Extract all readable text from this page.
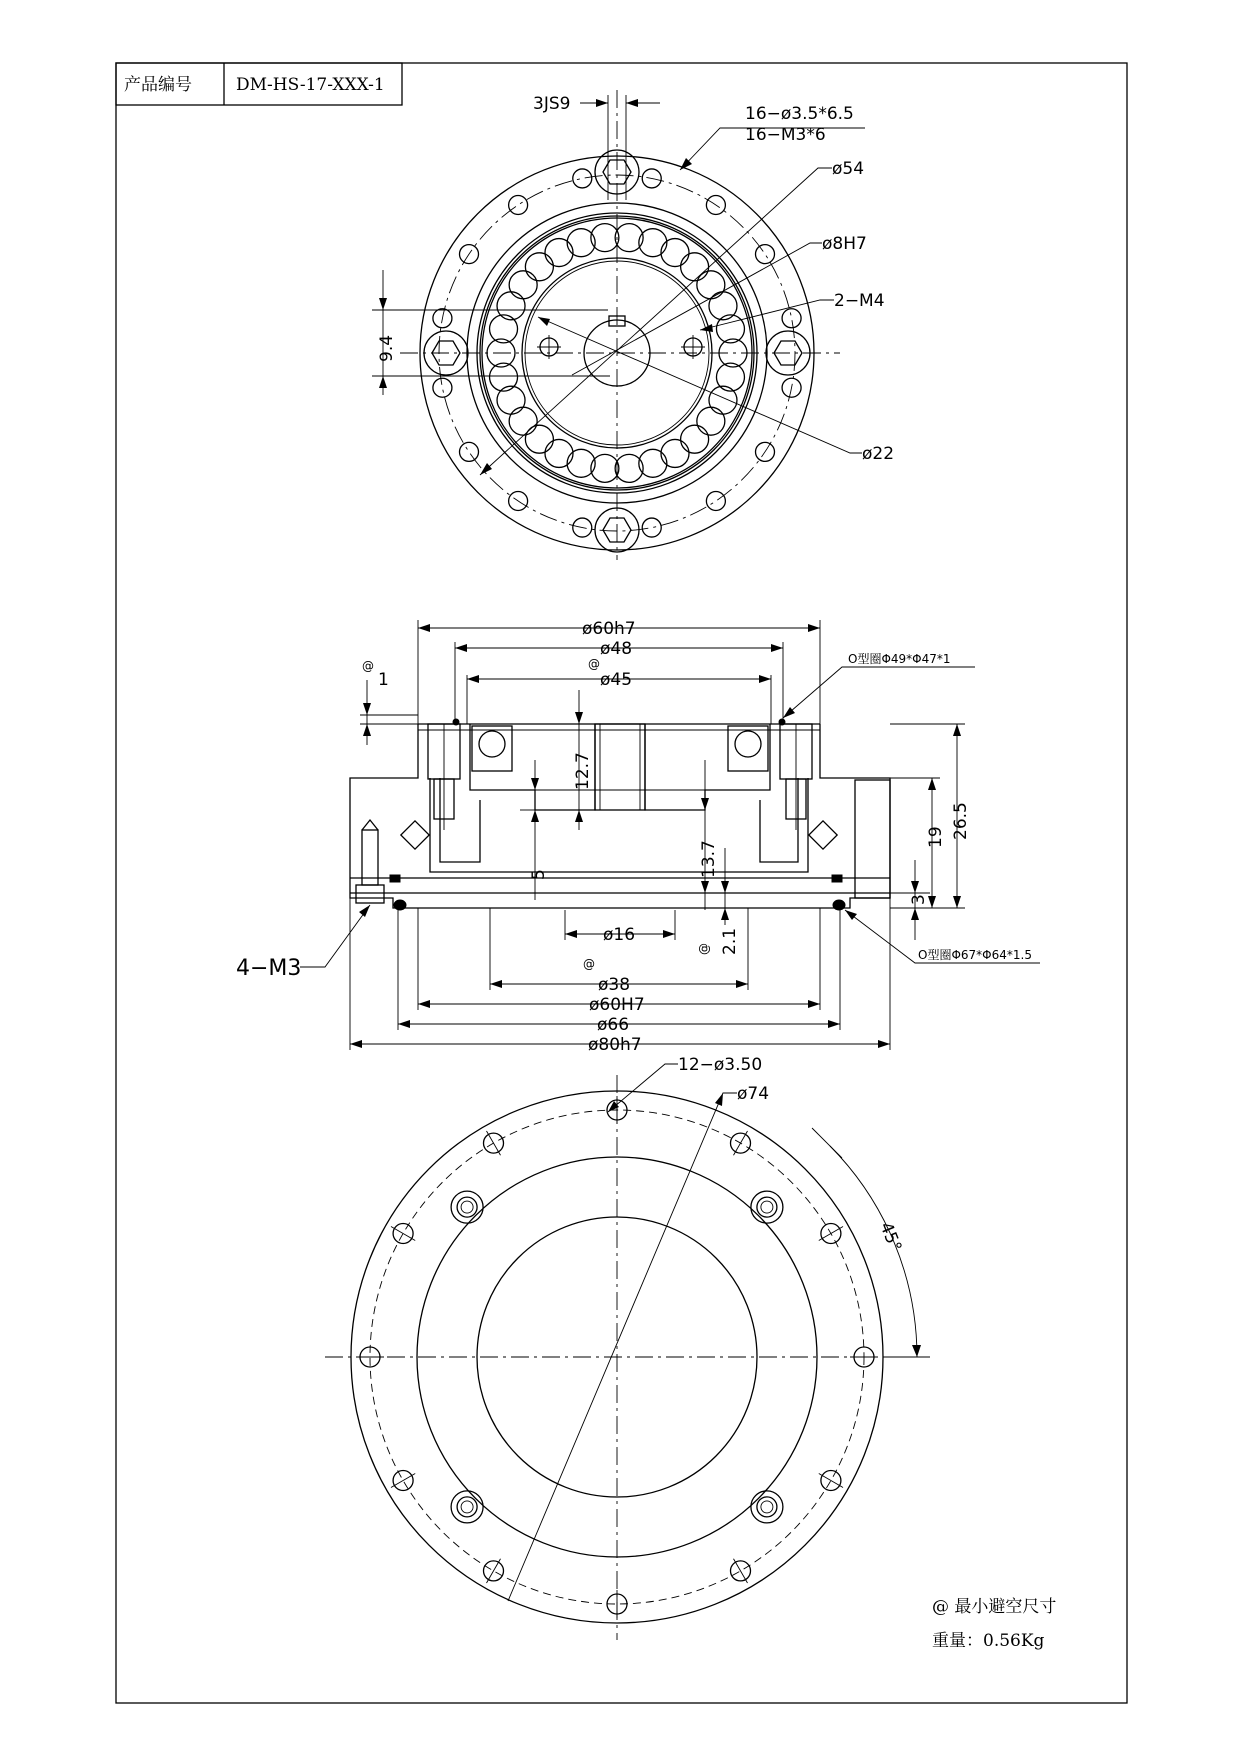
产品编号	DM-HS-17-XXX-1
3JS9	16−ø3.5*6.5
16−M3*6
ø54
ø8H7
2−M4
ø22
9.4
ø60h7
ø48
@
ø45
@
1
O型圈Φ49*Φ47*1
12.7
5	13.7
@ 2.1
26.5
19
3
ø16
@
ø38
ø60H7
ø66
ø80h7
4−M3
O型圈Φ67*Φ64*1.5
12−ø3.50
ø74
45°
@ 最小避空尺寸
重量：0.56Kg
